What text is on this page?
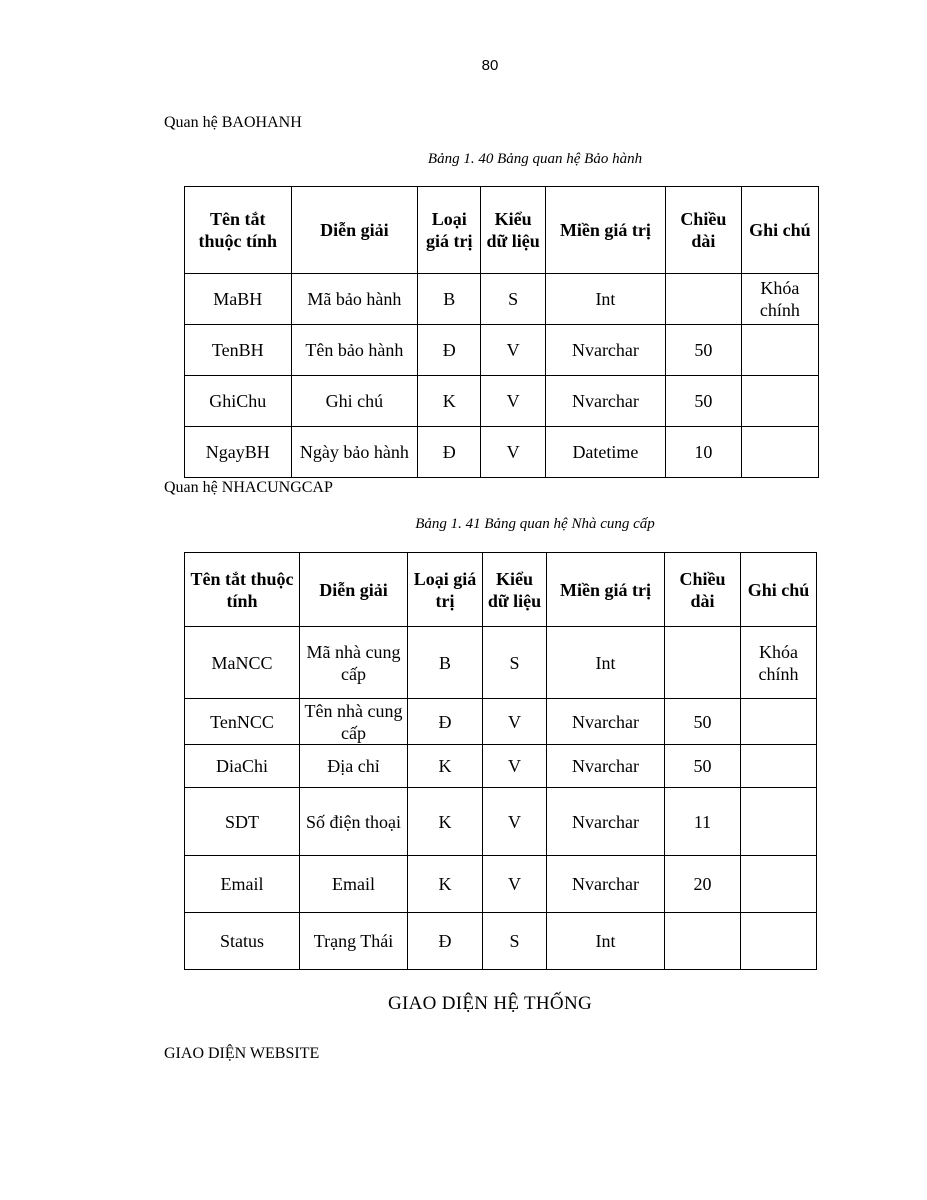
80
Quan hệ BAOHANH
Bảng 1. 40 Bảng quan hệ Bảo hành
Tên tắt thuộc tính	Diễn giải	Loại giá trị	Kiểu dữ liệu	Miền giá trị	Chiều dài	Ghi chú
MaBH	Mã bảo hành	B	S	Int		Khóa chính
TenBH	Tên bảo hành	Đ	V	Nvarchar	50	
GhiChu	Ghi chú	K	V	Nvarchar	50	
NgayBH	Ngày bảo hành	Đ	V	Datetime	10	
Quan hệ NHACUNGCAP
Bảng 1. 41 Bảng quan hệ Nhà cung cấp
Tên tắt thuộc tính	Diễn giải	Loại giá trị	Kiểu dữ liệu	Miền giá trị	Chiều dài	Ghi chú
MaNCC	Mã nhà cung cấp	B	S	Int		Khóa chính
TenNCC	Tên nhà cung cấp	Đ	V	Nvarchar	50	
DiaChi	Địa chỉ	K	V	Nvarchar	50	
SDT	Số điện thoại	K	V	Nvarchar	11	
Email	Email	K	V	Nvarchar	20	
Status	Trạng Thái	Đ	S	Int		
GIAO DIỆN HỆ THỐNG
GIAO DIỆN WEBSITE
